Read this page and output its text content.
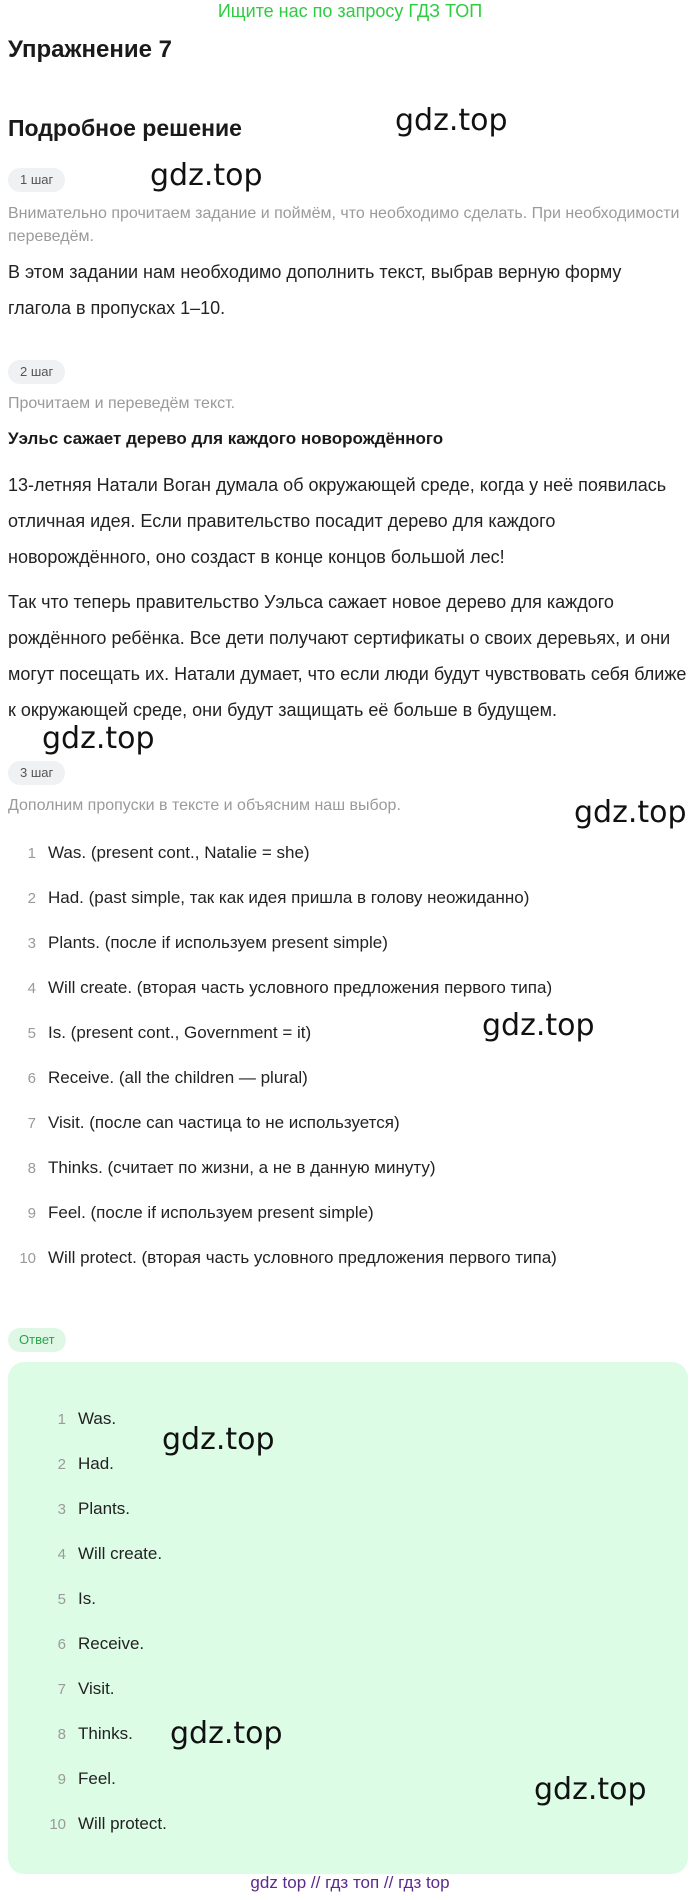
Ищите нас по запросу ГДЗ ТОП
Упражнение 7
Подробное решение
1 шаг
Внимательно прочитаем задание и поймём, что необходимо сделать. При необходимости переведём.

В этом задании нам необходимо дополнить текст, выбрав верную форму глагола в пропусках 1–10.

2 шаг
Прочитаем и переведём текст.
Уэльс сажает дерево для каждого новорождённого

13-летняя Натали Воган думала об окружающей среде, когда у неё появилась отличная идея. Если правительство посадит дерево для каждого новорождённого, оно создаст в конце концов большой лес!

Так что теперь правительство Уэльса сажает новое дерево для каждого рождённого ребёнка. Все дети получают сертификаты о своих деревьях, и они могут посещать их. Натали думает, что если люди будут чувствовать себя ближе к окружающей среде, они будут защищать её больше в будущем.

3 шаг
Дополним пропуски в тексте и объясним наш выбор.
1 Was. (present cont., Natalie = she)
2 Had. (past simple, так как идея пришла в голову неожиданно)
3 Plants. (после if используем present simple)
4 Will create. (вторая часть условного предложения первого типа)
5 Is. (present cont., Government = it)
6 Receive. (all the children — plural)
7 Visit. (после can частица to не используется)
8 Thinks. (считает по жизни, а не в данную минуту)
9 Feel. (после if используем present simple)
10 Will protect. (вторая часть условного предложения первого типа)
Ответ
1 Was.
2 Had.
3 Plants.
4 Will create.
5 Is.
6 Receive.
7 Visit.
8 Thinks.
9 Feel.
10 Will protect.
gdz.top
gdz.top
gdz.top
gdz.top
gdz.top
gdz.top
gdz.top
gdz.top
gdz top // гдз топ // гдз top
